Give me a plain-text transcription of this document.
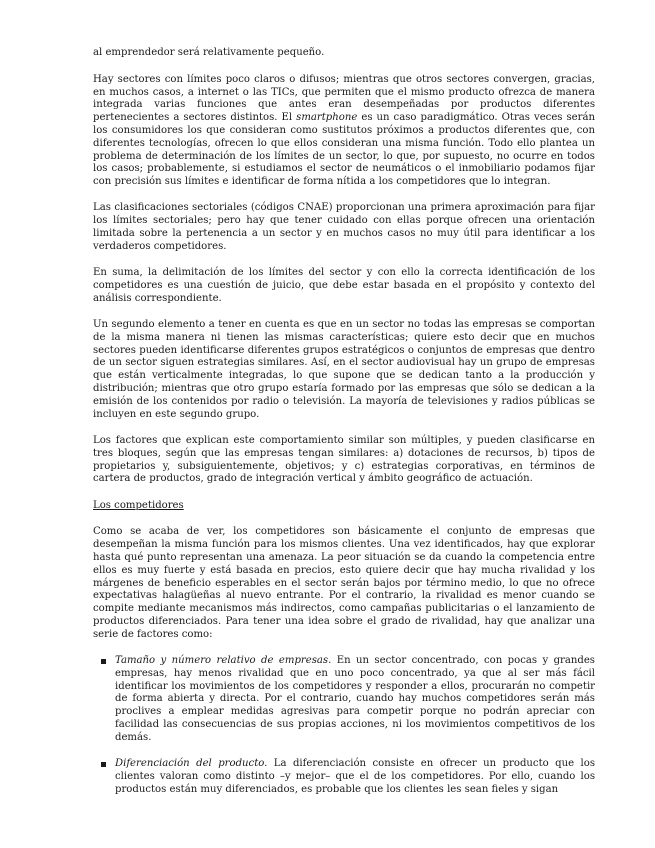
al emprendedor será relativamente pequeño.

Hay sectores con límites poco claros o difusos; mientras que otros sectores convergen, gracias, en muchos casos, a internet o las TICs, que permiten que el mismo producto ofrezca de manera integrada varias funciones que antes eran desempeñadas por productos diferentes pertenecientes a sectores distintos. El smartphone es un caso paradigmático. Otras veces serán los consumidores los que consideran como sustitutos próximos a productos diferentes que, con diferentes tecnologías, ofrecen lo que ellos consideran una misma función. Todo ello plantea un problema de determinación de los límites de un sector, lo que, por supuesto, no ocurre en todos los casos; probablemente, si estudiamos el sector de neumáticos o el inmobiliario podamos fijar con precisión sus límites e identificar de forma nítida a los competidores que lo integran.

Las clasificaciones sectoriales (códigos CNAE) proporcionan una primera aproximación para fijar los límites sectoriales; pero hay que tener cuidado con ellas porque ofrecen una orientación limitada sobre la pertenencia a un sector y en muchos casos no muy útil para identificar a los verdaderos competidores.

En suma, la delimitación de los límites del sector y con ello la correcta identificación de los competidores es una cuestión de juicio, que debe estar basada en el propósito y contexto del análisis correspondiente.

Un segundo elemento a tener en cuenta es que en un sector no todas las empresas se comportan de la misma manera ni tienen las mismas características; quiere esto decir que en muchos sectores pueden identificarse diferentes grupos estratégicos o conjuntos de empresas que dentro de un sector siguen estrategias similares. Así, en el sector audiovisual hay un grupo de empresas que están verticalmente integradas, lo que supone que se dedican tanto a la producción y distribución; mientras que otro grupo estaría formado por las empresas que sólo se dedican a la emisión de los contenidos por radio o televisión. La mayoría de televisiones y radios públicas se incluyen en este segundo grupo.

Los factores que explican este comportamiento similar son múltiples, y pueden clasificarse en tres bloques, según que las empresas tengan similares: a) dotaciones de recursos, b) tipos de propietarios y, subsiguientemente, objetivos; y c) estrategias corporativas, en términos de cartera de productos, grado de integración vertical y ámbito geográfico de actuación.

Los competidores

Como se acaba de ver, los competidores son básicamente el conjunto de empresas que desempeñan la misma función para los mismos clientes. Una vez identificados, hay que explorar hasta qué punto representan una amenaza. La peor situación se da cuando la competencia entre ellos es muy fuerte y está basada en precios, esto quiere decir que hay mucha rivalidad y los márgenes de beneficio esperables en el sector serán bajos por término medio, lo que no ofrece expectativas halagüeñas al nuevo entrante. Por el contrario, la rivalidad es menor cuando se compite mediante mecanismos más indirectos, como campañas publicitarias o el lanzamiento de productos diferenciados. Para tener una idea sobre el grado de rivalidad, hay que analizar una serie de factores como:

Tamaño y número relativo de empresas. En un sector concentrado, con pocas y grandes empresas, hay menos rivalidad que en uno poco concentrado, ya que al ser más fácil identificar los movimientos de los competidores y responder a ellos, procurarán no competir de forma abierta y directa. Por el contrario, cuando hay muchos competidores serán más proclives a emplear medidas agresivas para competir porque no podrán apreciar con facilidad las consecuencias de sus propias acciones, ni los movimientos competitivos de los demás.

Diferenciación del producto. La diferenciación consiste en ofrecer un producto que los clientes valoran como distinto –y mejor– que el de los competidores. Por ello, cuando los productos están muy diferenciados, es probable que los clientes les sean fieles y sigan
